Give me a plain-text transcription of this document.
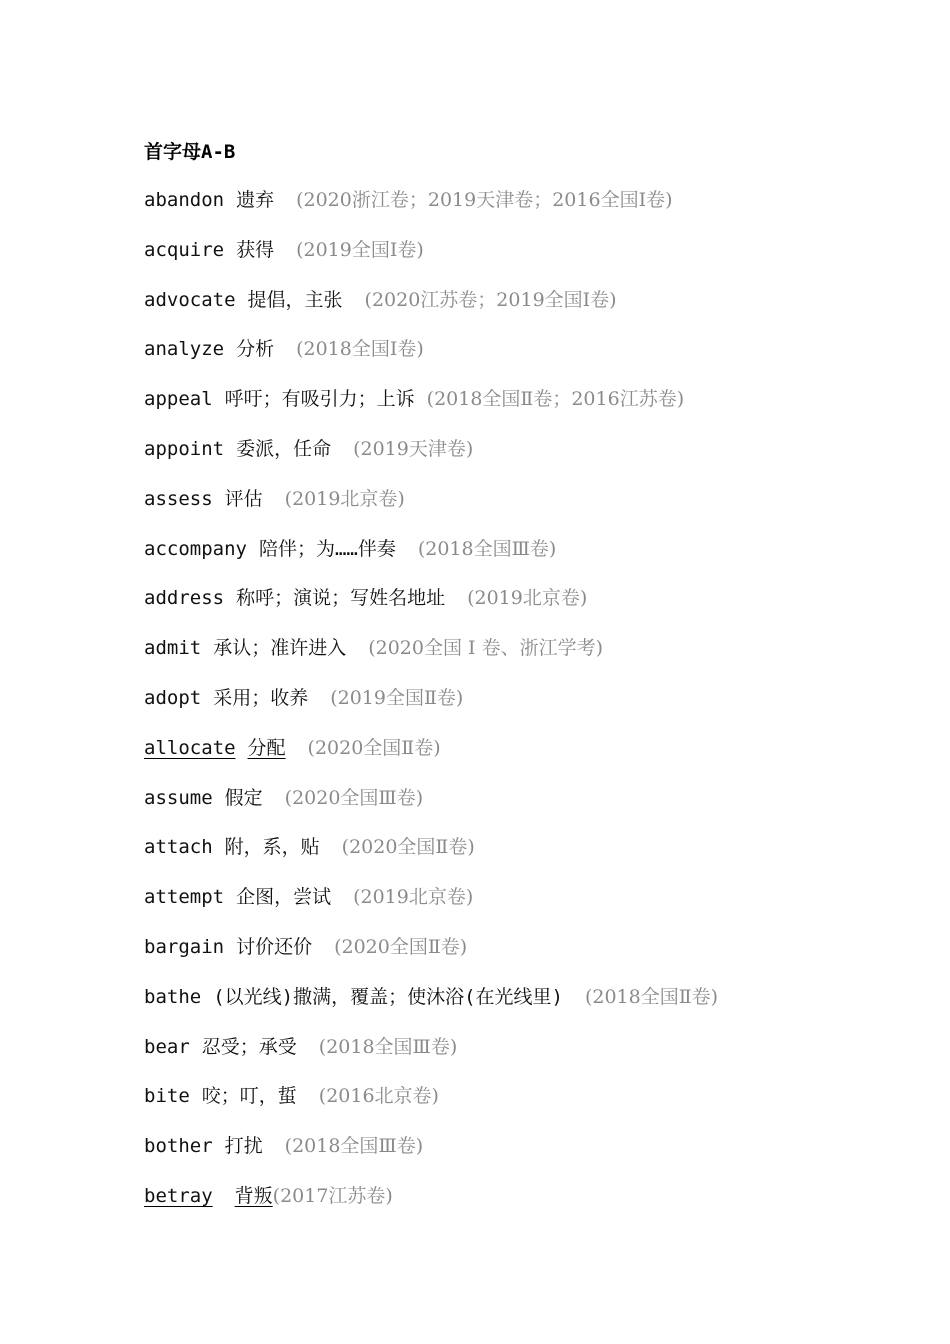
首字母A-B
abandon 遗弃 (2020浙江卷；2019天津卷；2016全国Ⅰ卷)
acquire 获得 (2019全国Ⅰ卷)
advocate 提倡，主张 (2020江苏卷；2019全国Ⅰ卷)
analyze 分析 (2018全国Ⅰ卷)
appeal 呼吁；有吸引力；上诉 (2018全国Ⅱ卷；2016江苏卷)
appoint 委派，任命 (2019天津卷)
assess 评估 (2019北京卷)
accompany 陪伴；为……伴奏 (2018全国Ⅲ卷)
address 称呼；演说；写姓名地址 (2019北京卷)
admit 承认；准许进入 (2020全国 Ⅰ 卷、浙江学考)
adopt 采用；收养 (2019全国Ⅱ卷)
allocate 分配 (2020全国Ⅱ卷)
assume 假定 (2020全国Ⅲ卷)
attach 附，系，贴 (2020全国Ⅱ卷)
attempt 企图，尝试 (2019北京卷)
bargain 讨价还价 (2020全国Ⅱ卷)
bathe (以光线)撒满，覆盖；使沐浴(在光线里) (2018全国Ⅱ卷)
bear 忍受；承受 (2018全国Ⅲ卷)
bite 咬；叮，蜇 (2016北京卷)
bother 打扰 (2018全国Ⅲ卷)
betray 背叛(2017江苏卷)
